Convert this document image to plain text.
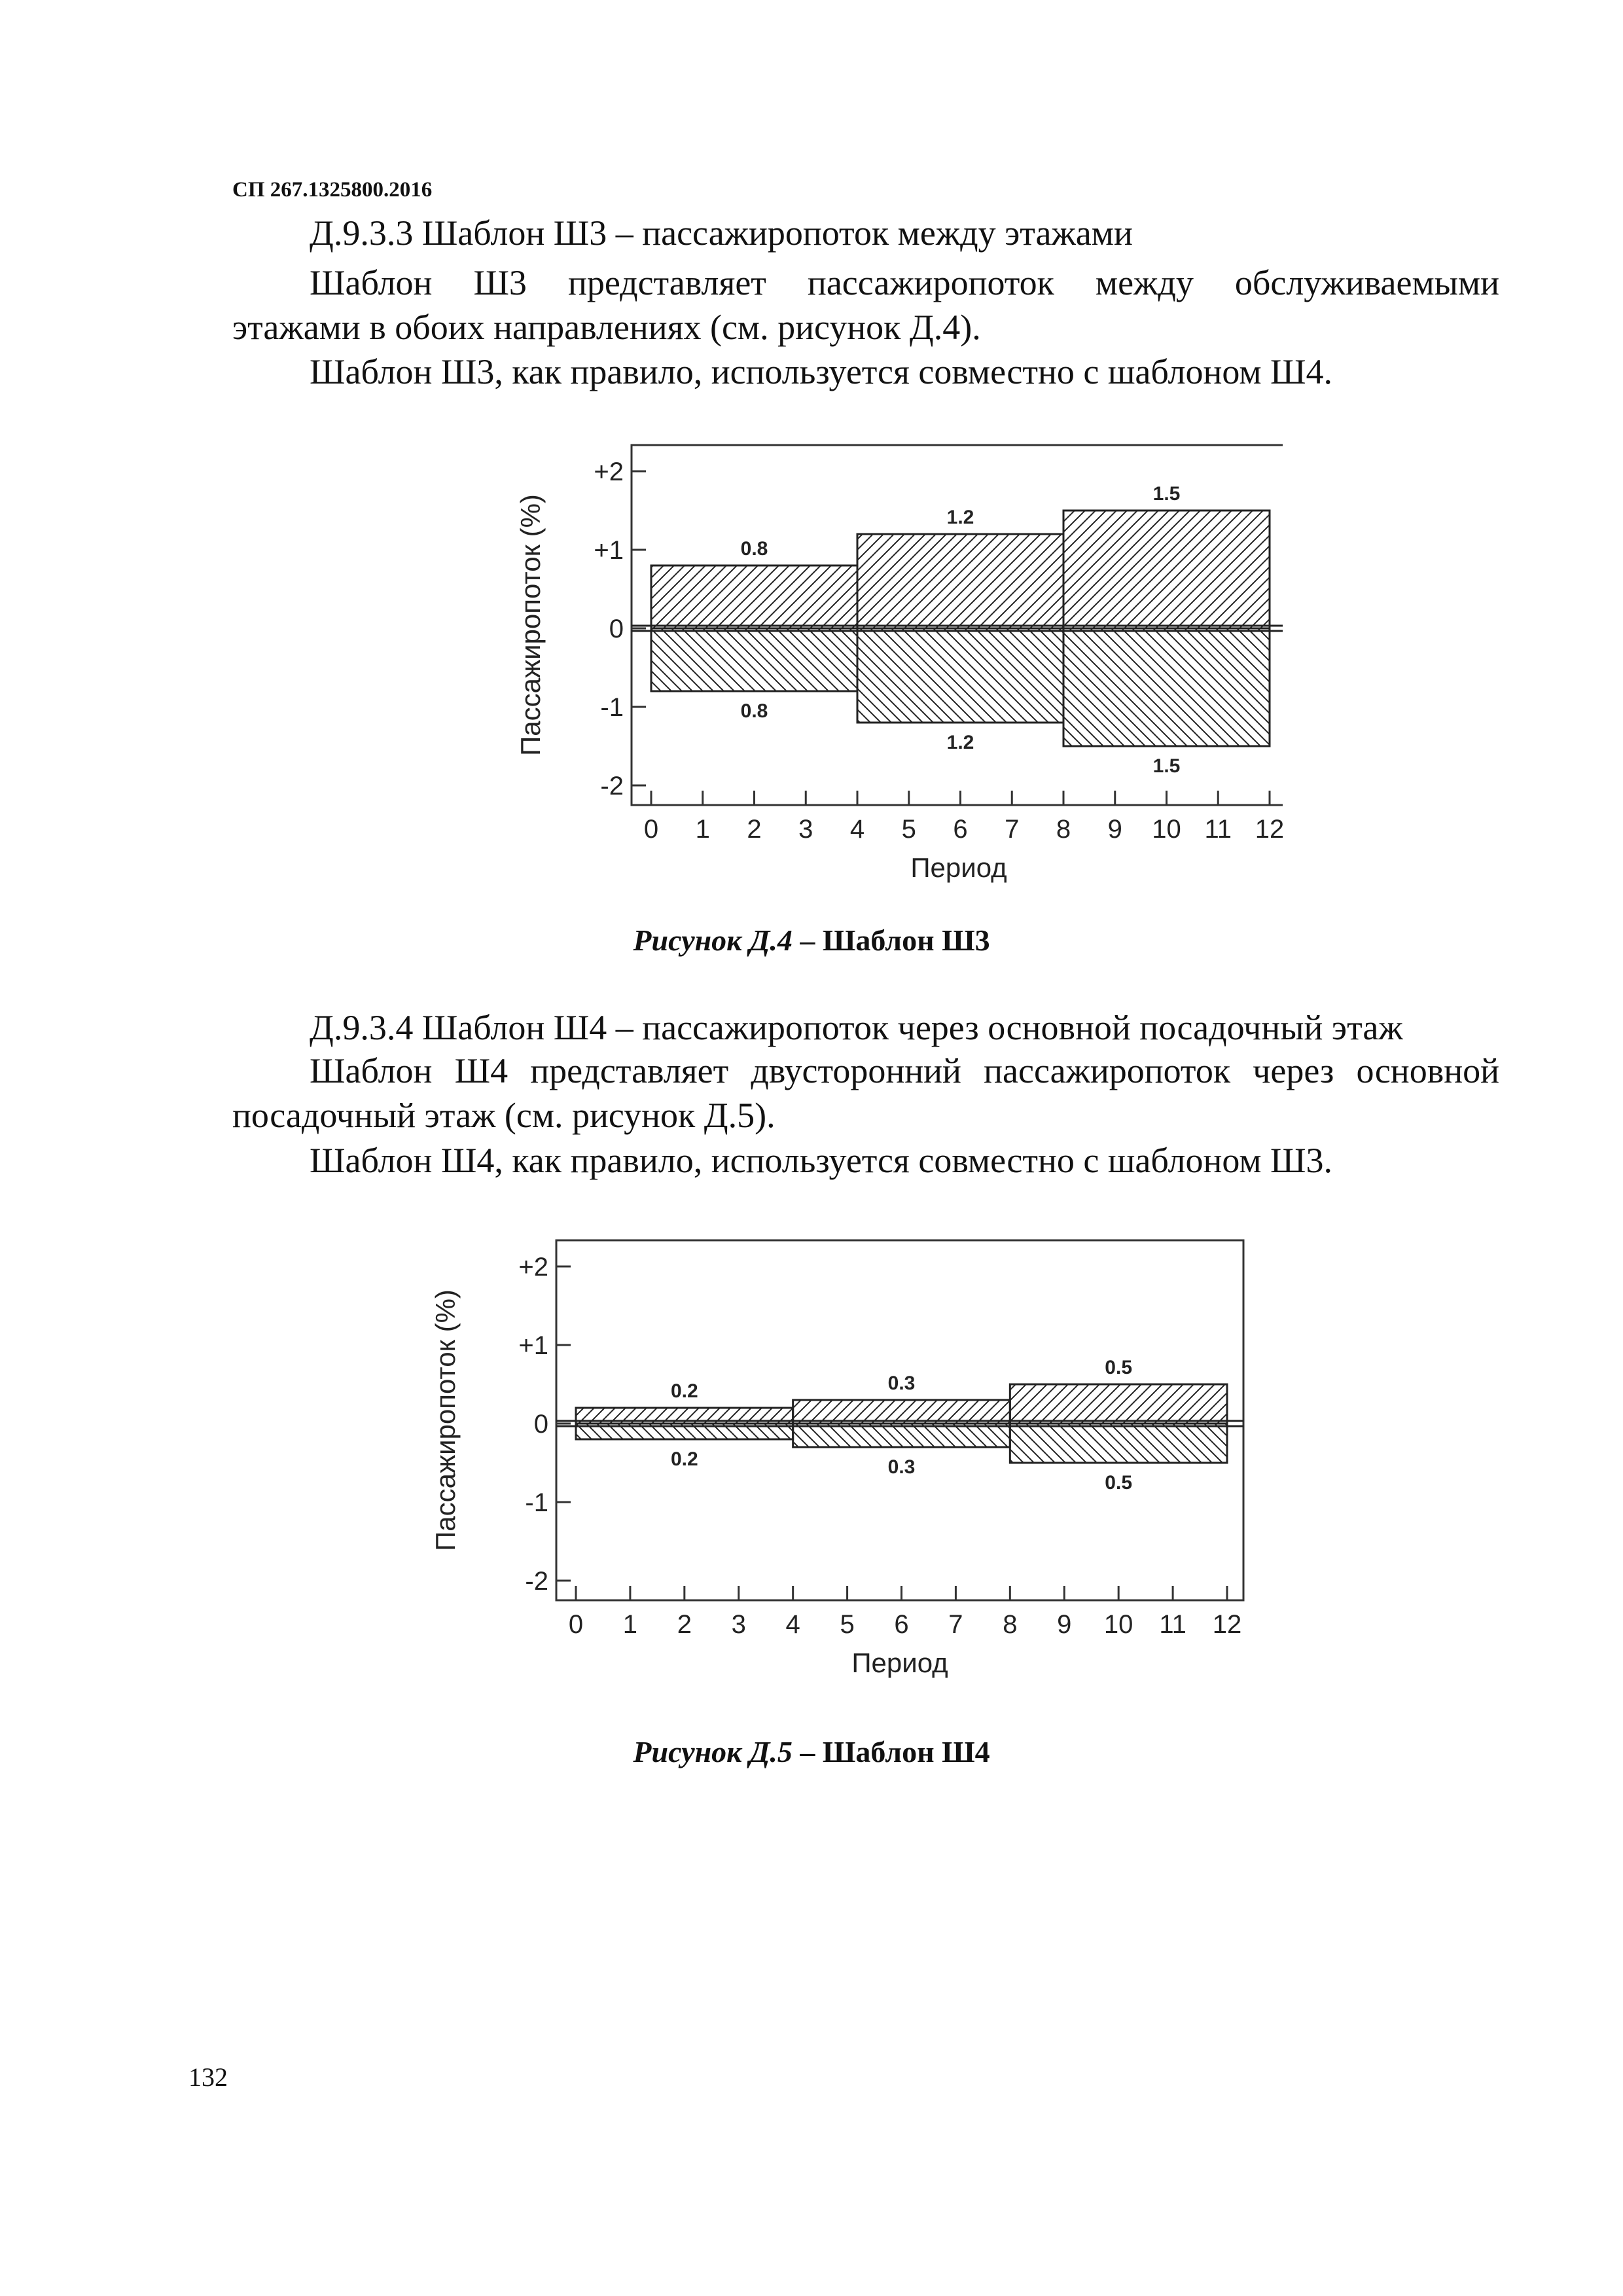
СП 267.1325800.2016
Д.9.3.3 Шаблон Ш3 – пассажиропоток между этажами
Шаблон Ш3 представляет пассажиропоток между обслуживаемыми
этажами в обоих направлениях (см. рисунок Д.4).
Шаблон Ш3, как правило, используется совместно с шаблоном Ш4.
+2
+1
0
-1
-2
0 1 2 3 4 5 6 7 8 9 10 11 12
0.8
1.2
1.5
0.8
1.2
1.5
Период
Пассажиропоток (%)
Рисунок Д.4 – Шаблон Ш3
Д.9.3.4 Шаблон Ш4 – пассажиропоток через основной посадочный этаж
Шаблон Ш4 представляет двусторонний пассажиропоток через основной
посадочный этаж (см. рисунок Д.5).
Шаблон Ш4, как правило, используется совместно с шаблоном Ш3.
+2
+1
0
-1
-2
0 1 2 3 4 5 6 7 8 9 10 11 12
0.2	0.3
0.5
0.2	0.3
0.5
Период
Пассажиропоток (%)
Рисунок Д.5 – Шаблон Ш4
132
